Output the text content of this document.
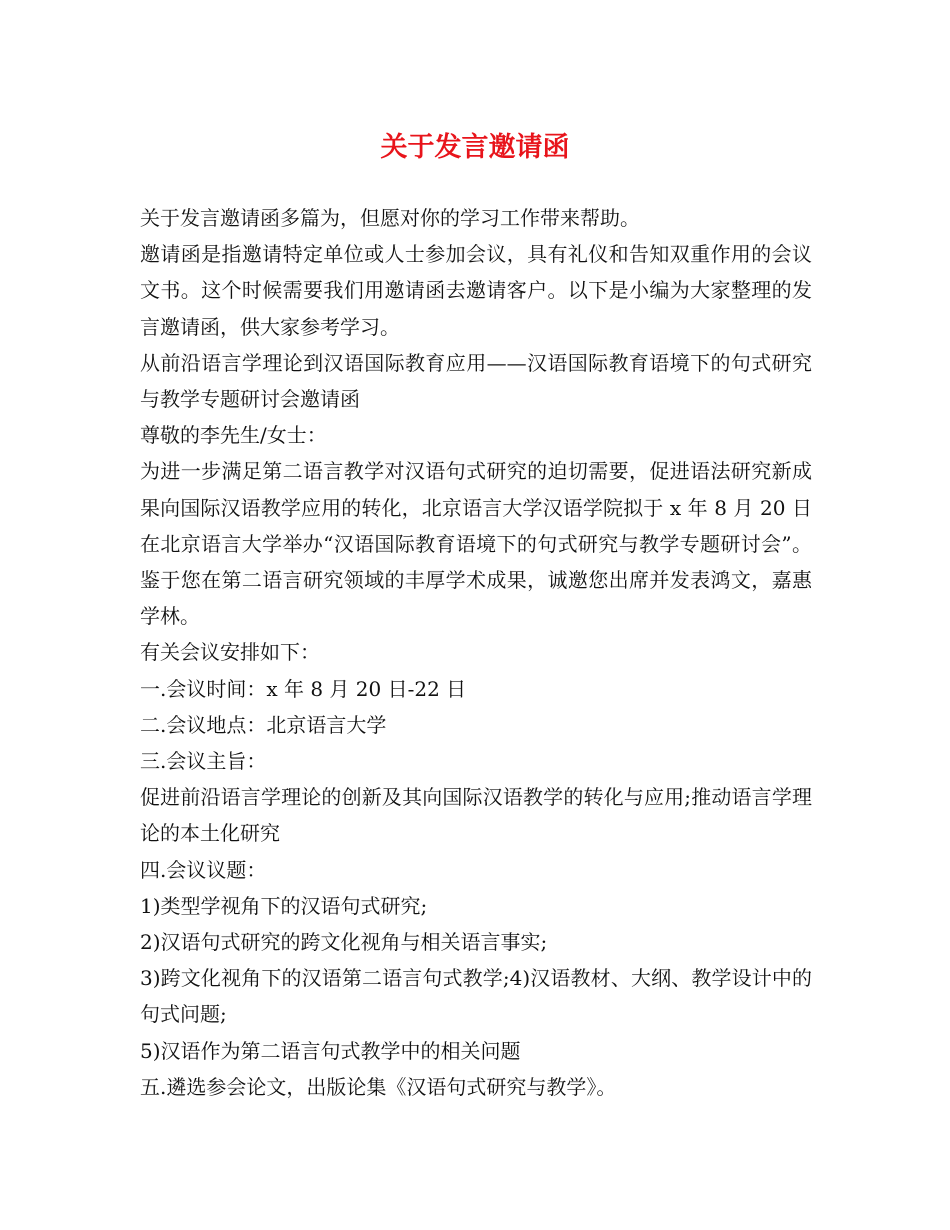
关于发言邀请函

关于发言邀请函多篇为，但愿对你的学习工作带来帮助。

邀请函是指邀请特定单位或人士参加会议，具有礼仪和告知双重作用的会议文书。这个时候需要我们用邀请函去邀请客户。以下是小编为大家整理的发言邀请函，供大家参考学习。

从前沿语言学理论到汉语国际教育应用——汉语国际教育语境下的句式研究与教学专题研讨会邀请函

尊敬的李先生/女士：

为进一步满足第二语言教学对汉语句式研究的迫切需要，促进语法研究新成果向国际汉语教学应用的转化，北京语言大学汉语学院拟于 x 年 8 月 20 日在北京语言大学举办“汉语国际教育语境下的句式研究与教学专题研讨会”。鉴于您在第二语言研究领域的丰厚学术成果，诚邀您出席并发表鸿文，嘉惠学林。

有关会议安排如下：

一.会议时间：x 年 8 月 20 日-22 日

二.会议地点：北京语言大学

三.会议主旨：

促进前沿语言学理论的创新及其向国际汉语教学的转化与应用;推动语言学理论的本土化研究

四.会议议题：

1)类型学视角下的汉语句式研究;

2)汉语句式研究的跨文化视角与相关语言事实;

3)跨文化视角下的汉语第二语言句式教学;4)汉语教材、大纲、教学设计中的句式问题;

5)汉语作为第二语言句式教学中的相关问题

五.遴选参会论文，出版论集《汉语句式研究与教学》。
